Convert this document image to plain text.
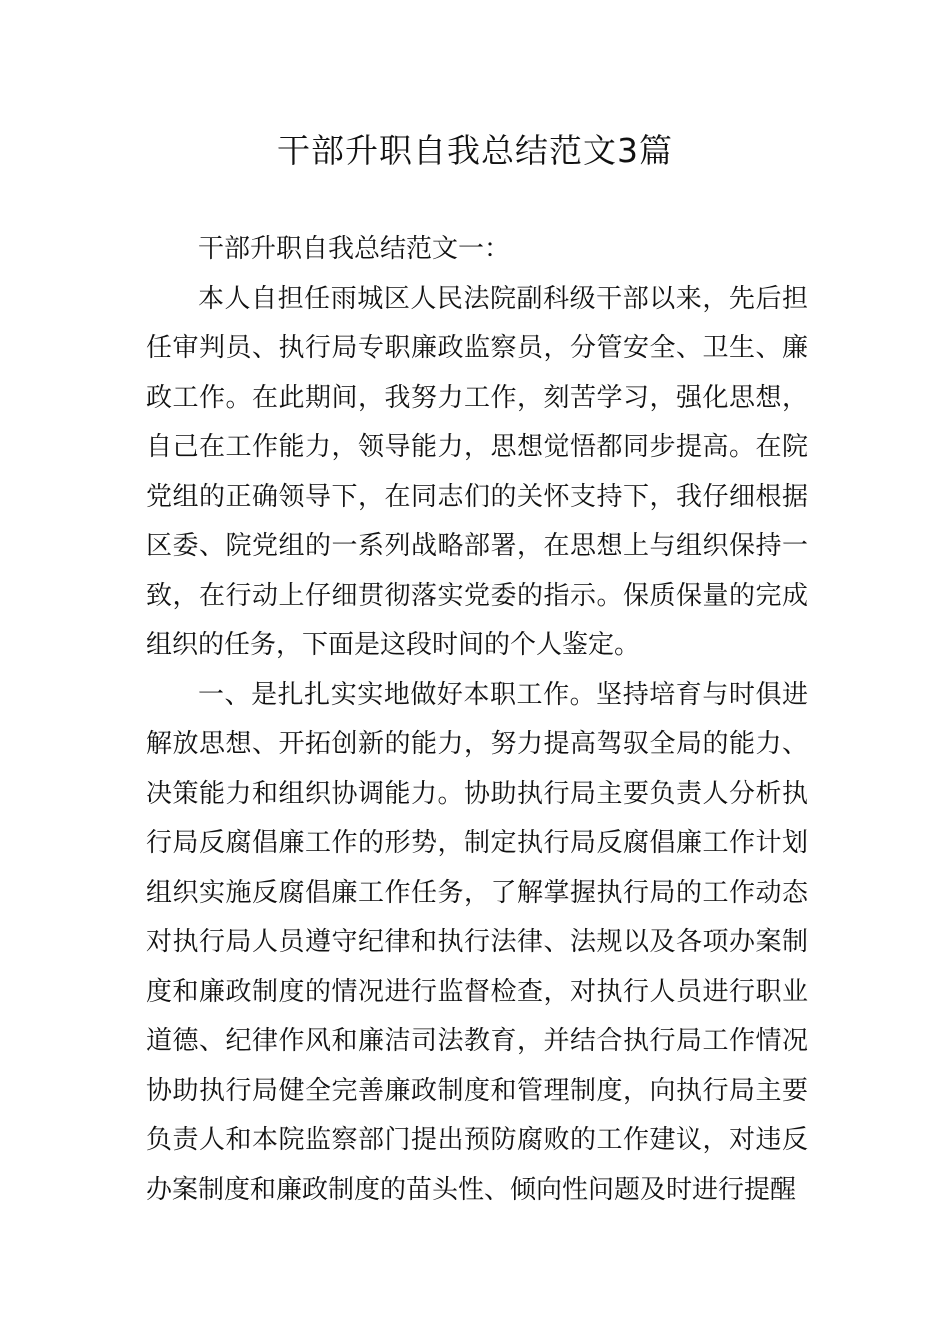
干部升职自我总结范文3篇

干部升职自我总结范文一：

本人自担任雨城区人民法院副科级干部以来，先后担任审判员、执行局专职廉政监察员，分管安全、卫生、廉政工作。在此期间，我努力工作，刻苦学习，强化思想，自己在工作能力，领导能力，思想觉悟都同步提高。在院党组的正确领导下，在同志们的关怀支持下，我仔细根据区委、院党组的一系列战略部署，在思想上与组织保持一致，在行动上仔细贯彻落实党委的指示。保质保量的完成组织的任务，下面是这段时间的个人鉴定。

一、是扎扎实实地做好本职工作。坚持培育与时俱进解放思想、开拓创新的能力，努力提高驾驭全局的能力、决策能力和组织协调能力。协助执行局主要负责人分析执行局反腐倡廉工作的形势，制定执行局反腐倡廉工作计划组织实施反腐倡廉工作任务，了解掌握执行局的工作动态对执行局人员遵守纪律和执行法律、法规以及各项办案制度和廉政制度的情况进行监督检查，对执行人员进行职业道德、纪律作风和廉洁司法教育，并结合执行局工作情况协助执行局健全完善廉政制度和管理制度，向执行局主要负责人和本院监察部门提出预防腐败的工作建议，对违反办案制度和廉政制度的苗头性、倾向性问题及时进行提醒
